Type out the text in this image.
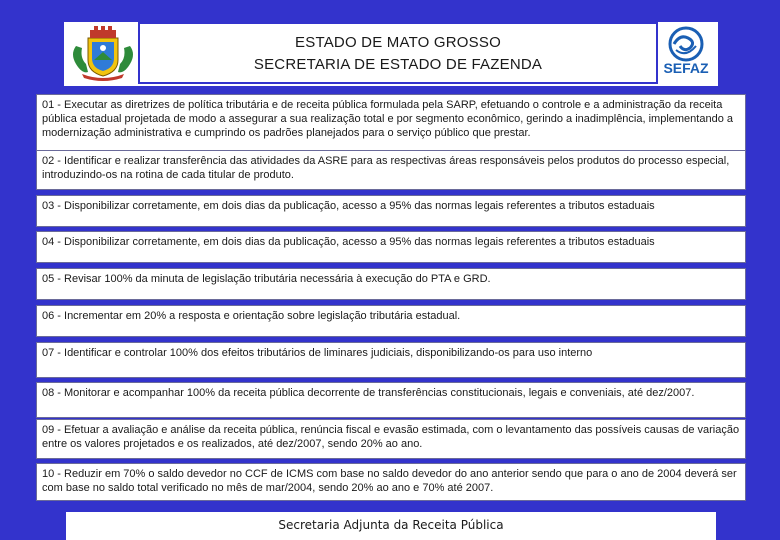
ESTADO DE MATO GROSSO
SECRETARIA DE ESTADO DE FAZENDA	SEFAZ
01 - Executar as diretrizes de política tributária e de receita pública formulada pela SARP, efetuando o controle e a administração da receita pública estadual projetada de modo a assegurar a sua realização total e por segmento econômico, gerindo a inadimplência, implementando a modernização administrativa e cumprindo os padrões planejados para o serviço público que prestar.
02 - Identificar e realizar transferência das atividades da ASRE para as respectivas áreas responsáveis pelos produtos do processo especial, introduzindo-os na rotina de cada titular de produto.
03 - Disponibilizar corretamente, em dois dias da publicação, acesso a 95% das normas legais referentes a tributos estaduais
04 - Disponibilizar corretamente, em dois dias da publicação, acesso a 95% das normas legais referentes a tributos estaduais
05 - Revisar 100% da minuta de legislação tributária necessária à execução do PTA e GRD.
06 - Incrementar em 20% a resposta e orientação sobre legislação tributária estadual.
07 - Identificar e controlar 100% dos efeitos tributários de liminares judiciais, disponibilizando-os para uso interno
08 - Monitorar e acompanhar 100% da receita pública decorrente de transferências constitucionais, legais e conveniais, até dez/2007.
09 - Efetuar a avaliação e análise da receita pública, renúncia fiscal e evasão estimada, com o levantamento das possíveis causas de variação entre os valores projetados e os realizados, até dez/2007, sendo 20% ao ano.
10 - Reduzir em 70% o saldo devedor no CCF de ICMS com base no saldo devedor do ano anterior sendo que para o ano de 2004 deverá ser com base no saldo total verificado no mês de mar/2004, sendo 20% ao ano e 70% até 2007.
Secretaria Adjunta da Receita Pública
